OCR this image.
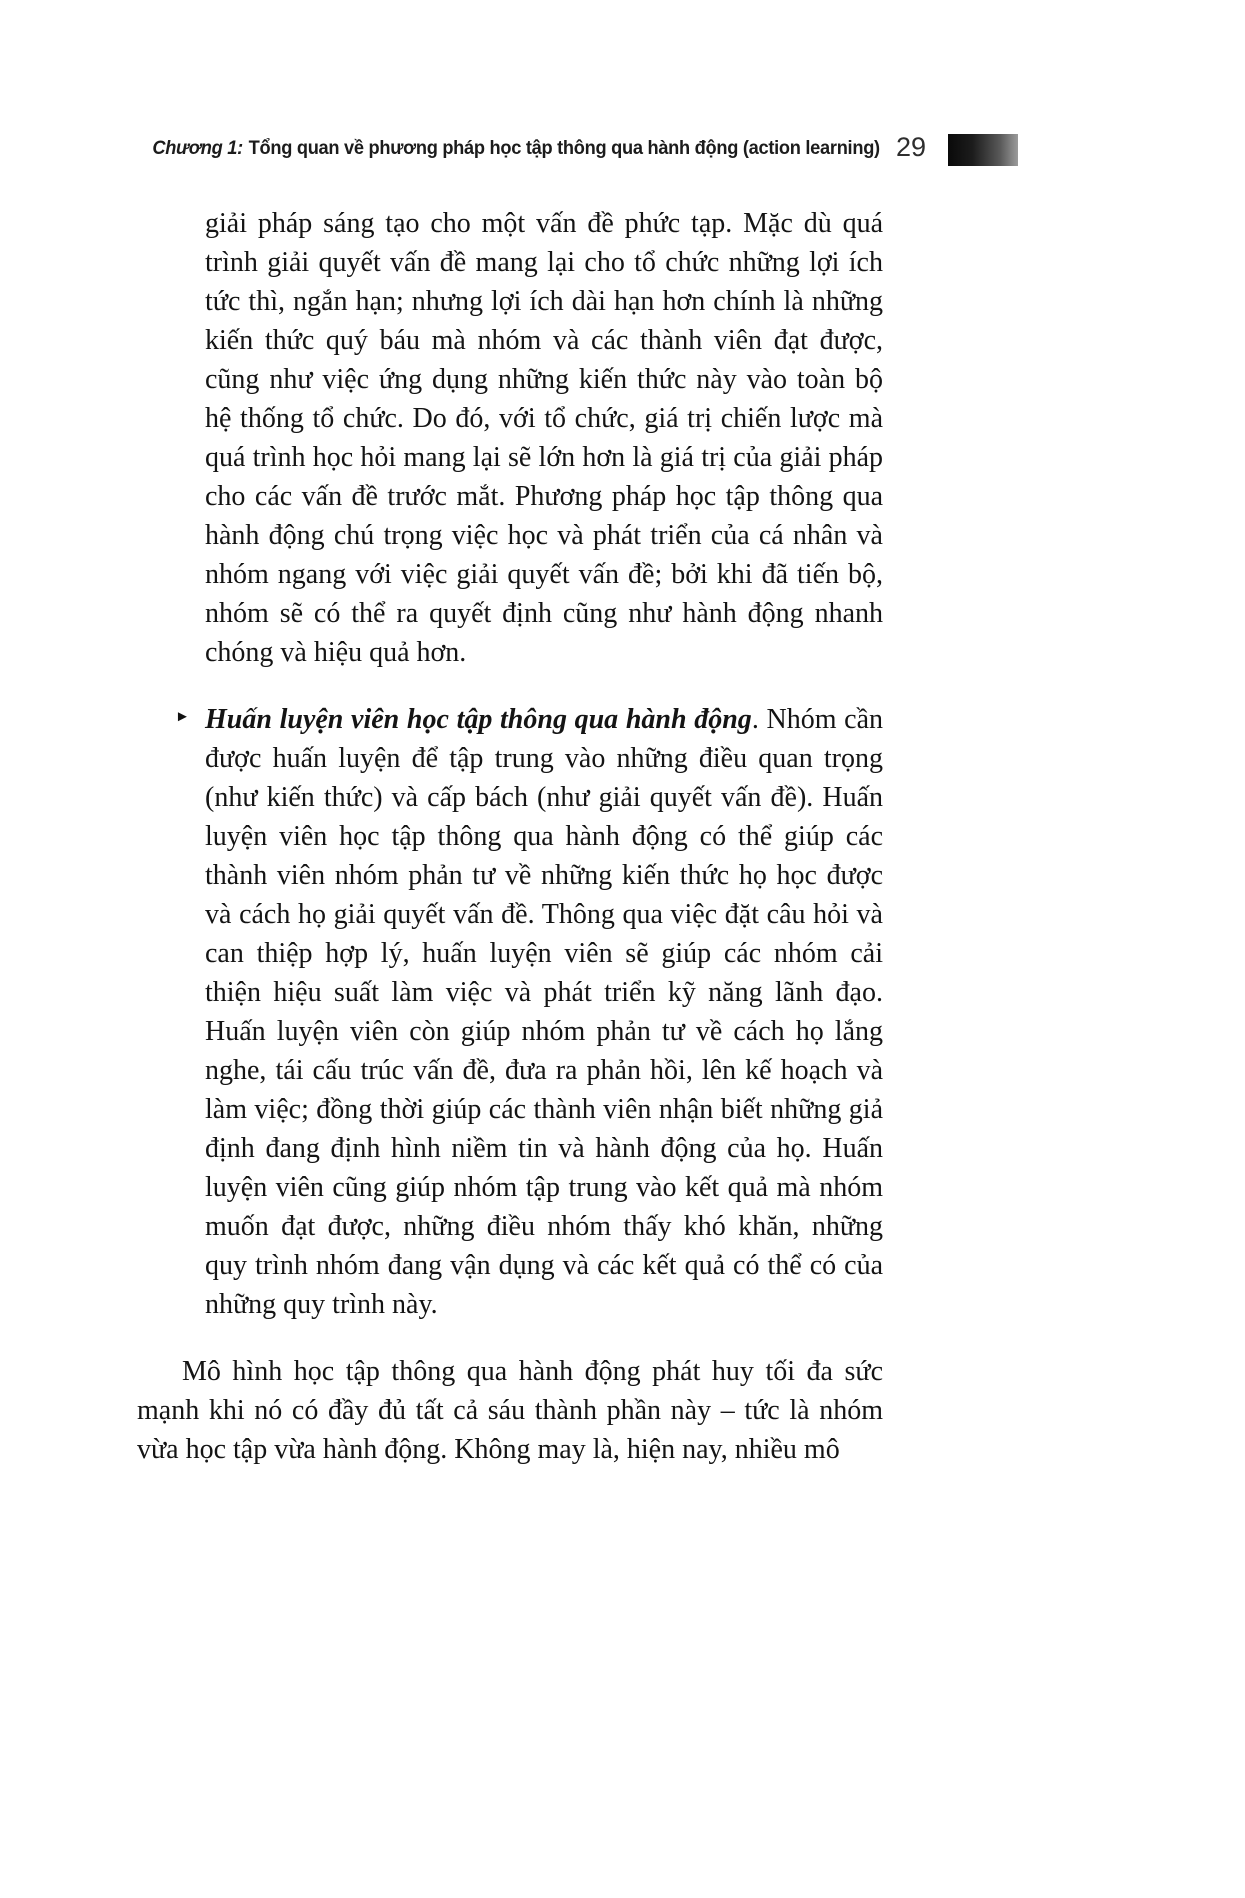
Chương 1: Tổng quan về phương pháp học tập thông qua hành động (action learning) 29

giải pháp sáng tạo cho một vấn đề phức tạp. Mặc dù quá trình giải quyết vấn đề mang lại cho tổ chức những lợi ích tức thì, ngắn hạn; nhưng lợi ích dài hạn hơn chính là những kiến thức quý báu mà nhóm và các thành viên đạt được, cũng như việc ứng dụng những kiến thức này vào toàn bộ hệ thống tổ chức. Do đó, với tổ chức, giá trị chiến lược mà quá trình học hỏi mang lại sẽ lớn hơn là giá trị của giải pháp cho các vấn đề trước mắt. Phương pháp học tập thông qua hành động chú trọng việc học và phát triển của cá nhân và nhóm ngang với việc giải quyết vấn đề; bởi khi đã tiến bộ, nhóm sẽ có thể ra quyết định cũng như hành động nhanh chóng và hiệu quả hơn.

► Huấn luyện viên học tập thông qua hành động. Nhóm cần được huấn luyện để tập trung vào những điều quan trọng (như kiến thức) và cấp bách (như giải quyết vấn đề). Huấn luyện viên học tập thông qua hành động có thể giúp các thành viên nhóm phản tư về những kiến thức họ học được và cách họ giải quyết vấn đề. Thông qua việc đặt câu hỏi và can thiệp hợp lý, huấn luyện viên sẽ giúp các nhóm cải thiện hiệu suất làm việc và phát triển kỹ năng lãnh đạo. Huấn luyện viên còn giúp nhóm phản tư về cách họ lắng nghe, tái cấu trúc vấn đề, đưa ra phản hồi, lên kế hoạch và làm việc; đồng thời giúp các thành viên nhận biết những giả định đang định hình niềm tin và hành động của họ. Huấn luyện viên cũng giúp nhóm tập trung vào kết quả mà nhóm muốn đạt được, những điều nhóm thấy khó khăn, những quy trình nhóm đang vận dụng và các kết quả có thể có của những quy trình này.

Mô hình học tập thông qua hành động phát huy tối đa sức mạnh khi nó có đầy đủ tất cả sáu thành phần này – tức là nhóm vừa học tập vừa hành động. Không may là, hiện nay, nhiều mô
